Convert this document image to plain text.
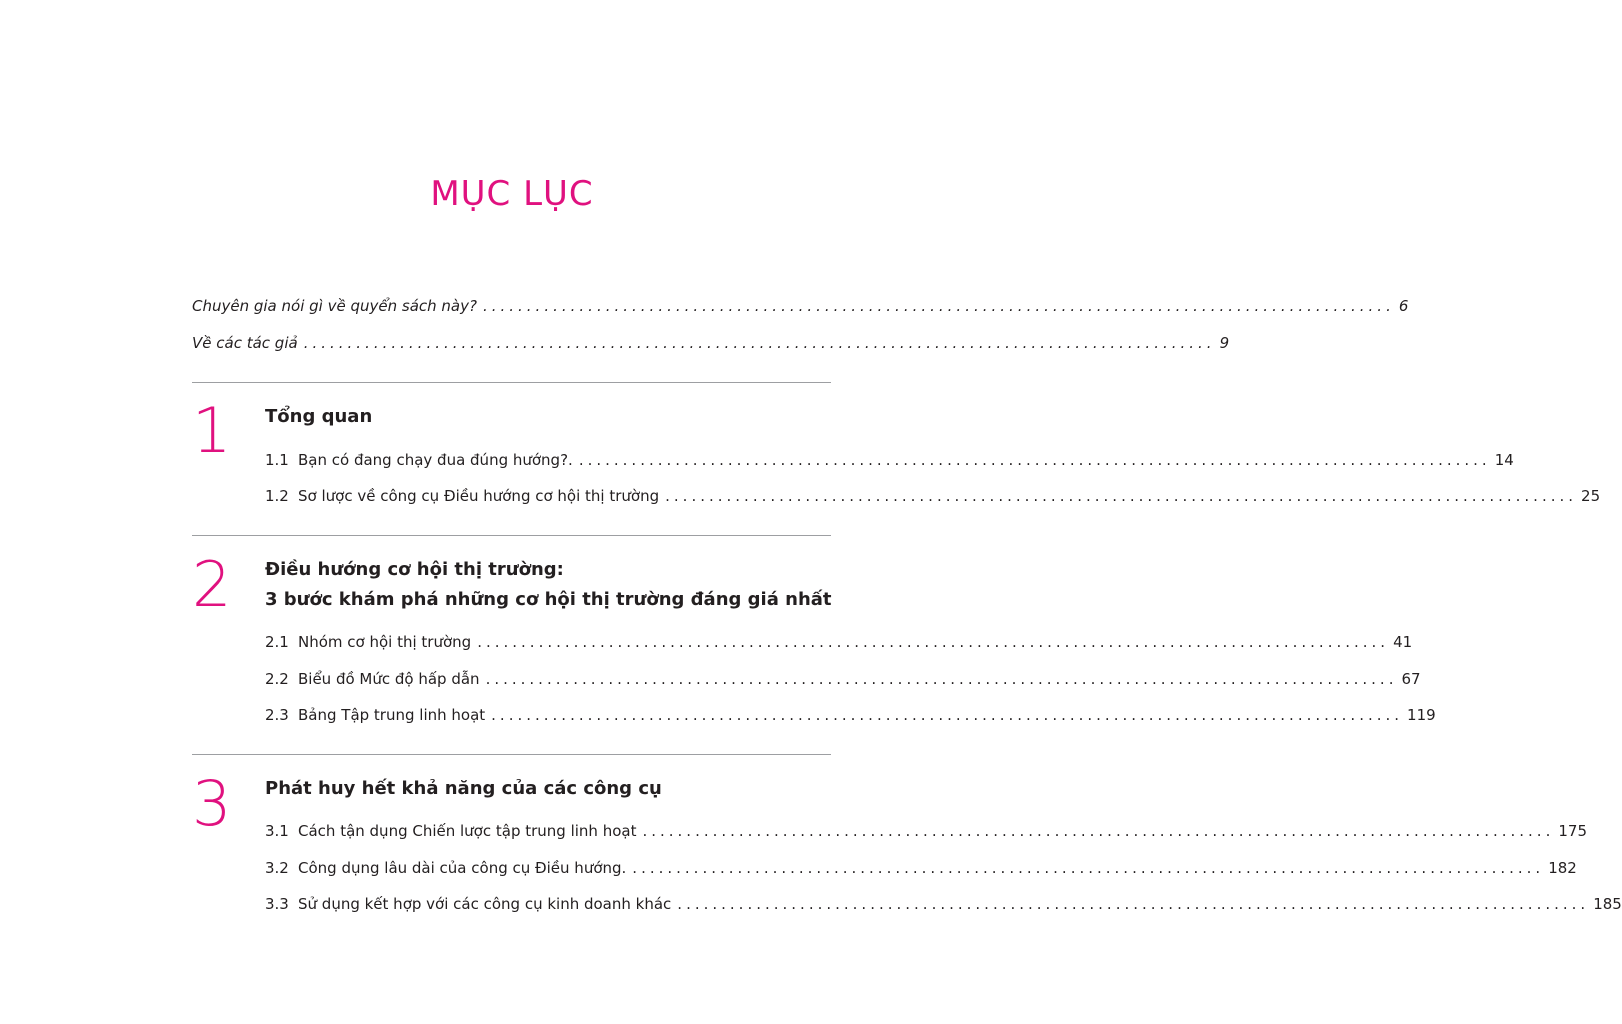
MỤC LỤC
Chuyên gia nói gì về quyển sách này? ........................................................................................................ 6
Về các tác giả ........................................................................................................ 9
1 Tổng quan
1.1 Bạn có đang chạy đua đúng hướng?. ........................................................................................................ 14
1.2 Sơ lược về công cụ Điều hướng cơ hội thị trường ........................................................................................................ 25
2 Điều hướng cơ hội thị trường:
3 bước khám phá những cơ hội thị trường đáng giá nhất
2.1 Nhóm cơ hội thị trường ........................................................................................................ 41
2.2 Biểu đồ Mức độ hấp dẫn ........................................................................................................ 67
2.3 Bảng Tập trung linh hoạt ........................................................................................................ 119
3 Phát huy hết khả năng của các công cụ
3.1 Cách tận dụng Chiến lược tập trung linh hoạt ........................................................................................................ 175
3.2 Công dụng lâu dài của công cụ Điều hướng. ........................................................................................................ 182
3.3 Sử dụng kết hợp với các công cụ kinh doanh khác ........................................................................................................ 185
